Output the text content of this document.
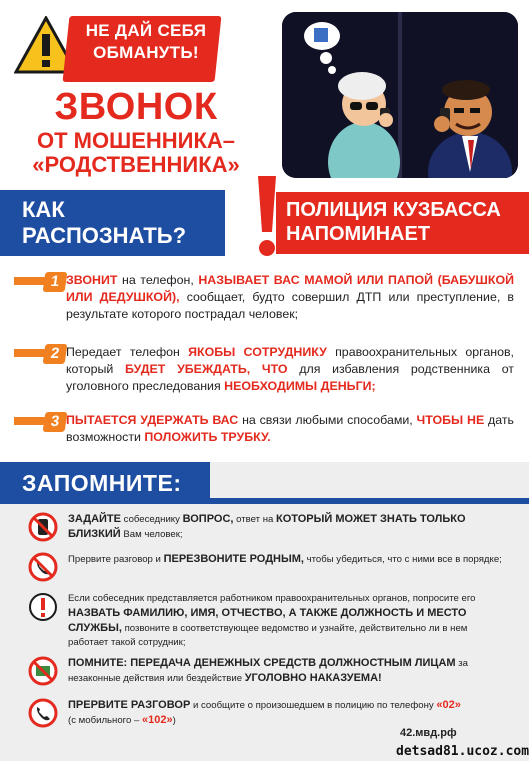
НЕ ДАЙ СЕБЯ
ОБМАНУТЬ!
ЗВОНОК
ОТ МОШЕННИКА–
«РОДСТВЕННИКА»
КАК
РАСПОЗНАТЬ?
ПОЛИЦИЯ КУЗБАССА
НАПОМИНАЕТ
1 ЗВОНИТ на телефон, НАЗЫВАЕТ ВАС МАМОЙ ИЛИ ПАПОЙ (БАБУШКОЙ ИЛИ ДЕДУШКОЙ), сообщает, будто совершил ДТП или преступление, в результате которого пострадал человек;
2 Передает телефон ЯКОБЫ СОТРУДНИКУ правоохранительных органов, который БУДЕТ УБЕЖДАТЬ, ЧТО для избавления родственника от уголовного преследования НЕОБХОДИМЫ ДЕНЬГИ;
3 ПЫТАЕТСЯ УДЕРЖАТЬ ВАС на связи любыми способами, ЧТОБЫ НЕ дать возможности ПОЛОЖИТЬ ТРУБКУ.
ЗАПОМНИТЕ:
ЗАДАЙТЕ собеседнику ВОПРОС, ответ на КОТОРЫЙ МОЖЕТ ЗНАТЬ ТОЛЬКО БЛИЗКИЙ Вам человек;
Прервите разговор и ПЕРЕЗВОНИТЕ РОДНЫМ, чтобы убедиться, что с ними все в порядке;
Если собеседник представляется работником правоохранительных органов, попросите его НАЗВАТЬ ФАМИЛИЮ, ИМЯ, ОТЧЕСТВО, А ТАКЖЕ ДОЛЖНОСТЬ И МЕСТО СЛУЖБЫ, позвоните в соответствующее ведомство и узнайте, действительно ли в нем работает такой сотрудник;
ПОМНИТЕ: ПЕРЕДАЧА ДЕНЕЖНЫХ СРЕДСТВ ДОЛЖНОСТНЫМ ЛИЦАМ за незаконные действия или бездействие УГОЛОВНО НАКАЗУЕМА!
ПРЕРВИТЕ РАЗГОВОР и сообщите о произошедшем в полицию по телефону «02»
(с мобильного – «102»)
42.мвд.рф
detsad81.ucoz.com
